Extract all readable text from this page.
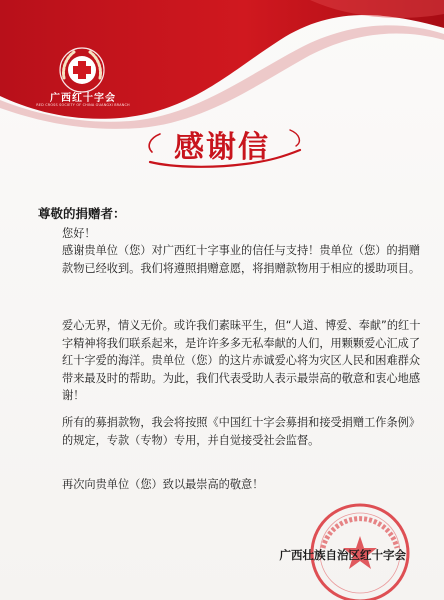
广西红十字会
RED CROSS SOCIETY OF CHINA GUANGXI BRANCH
感谢信
尊敬的捐赠者：

您好！

感谢贵单位（您）对广西红十字事业的信任与支持！贵单位（您）的捐赠款物已经收到。我们将遵照捐赠意愿，将捐赠款物用于相应的援助项目。

爱心无界，情义无价。或许我们素昧平生，但“人道、博爱、奉献”的红十字精神将我们联系起来，是许许多多无私奉献的人们，用颗颗爱心汇成了红十字爱的海洋。贵单位（您）的这片赤诚爱心将为灾区人民和困难群众带来最及时的帮助。为此，我们代表受助人表示最崇高的敬意和衷心地感谢！

所有的募捐款物，我会将按照《中国红十字会募捐和接受捐赠工作条例》的规定，专款（专物）专用，并自觉接受社会监督。

再次向贵单位（您）致以最崇高的敬意！

广西壮族自治区红十字会
